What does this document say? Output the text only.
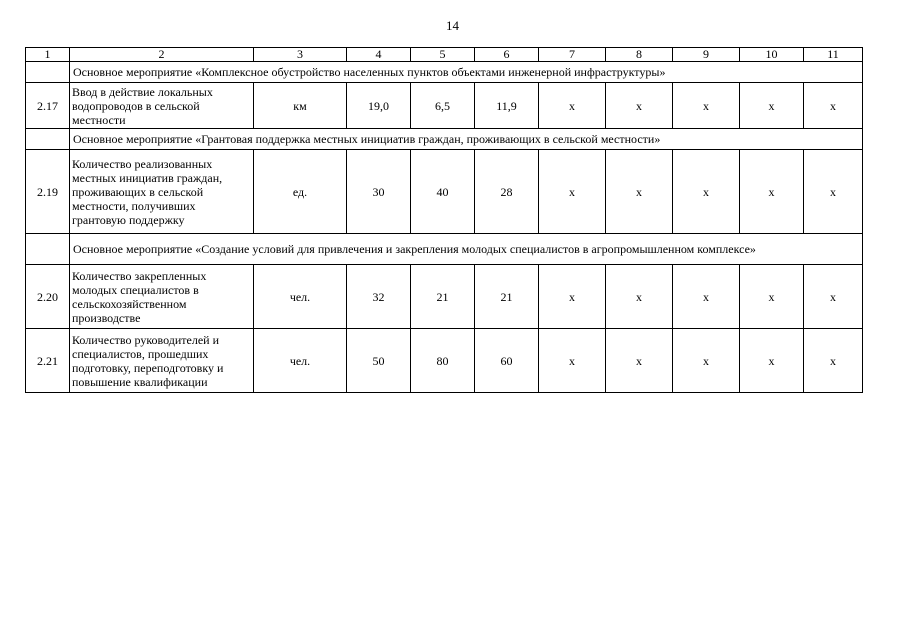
14
1	2	3	4	5	6	7	8	9	10	11
	Основное мероприятие «Комплексное обустройство населенных пунктов объектами инженерной инфраструктуры»									
2.17	Ввод в действие локальных водопроводов в сельской местности	км	19,0	6,5	11,9	х	х	х	х	х
	Основное мероприятие «Грантовая поддержка местных инициатив граждан, проживающих в сельской местности»									
2.19	Количество реализованных местных инициатив граждан, проживающих в сельской местности, получивших грантовую поддержку	ед.	30	40	28	х	х	х	х	х
	Основное мероприятие «Создание условий для привлечения и закрепления молодых специалистов в агропромышленном комплексе»									
2.20	Количество закрепленных молодых специалистов в сельскохозяйственном производстве	чел.	32	21	21	х	х	х	х	х
2.21	Количество руководителей и специалистов, прошедших подготовку, переподготовку и повышение квалификации	чел.	50	80	60	х	х	х	х	х
